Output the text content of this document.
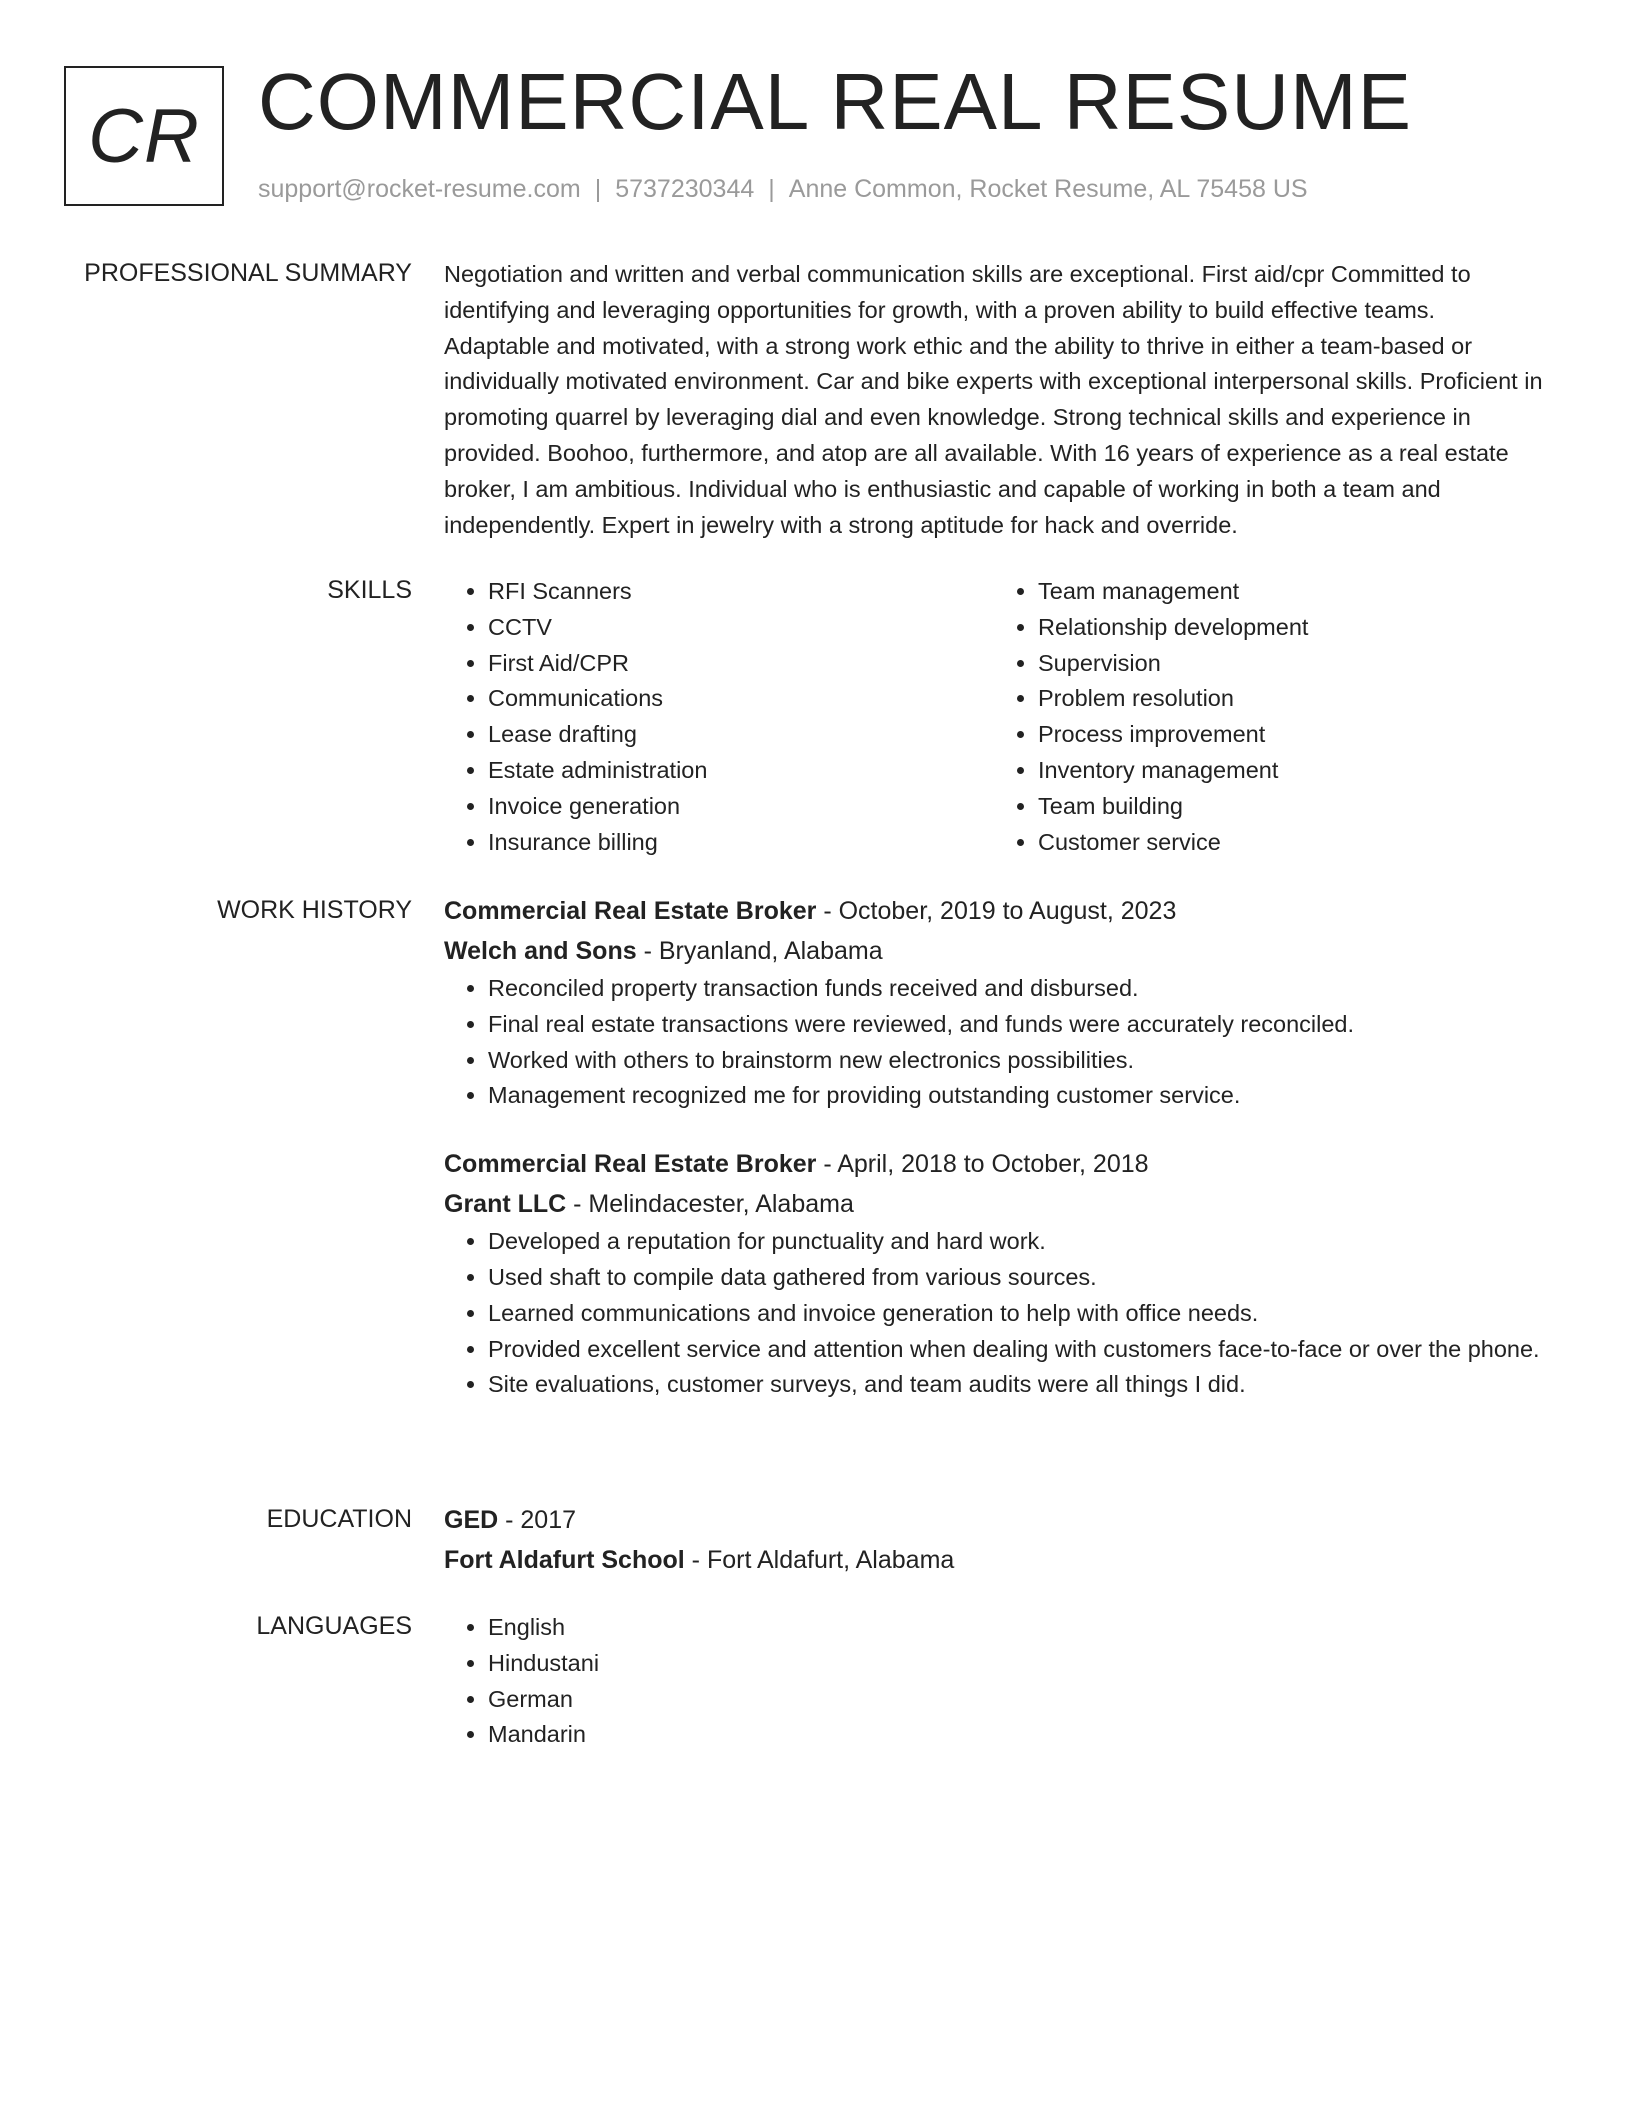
CR COMMERCIAL REAL RESUME
support@rocket-resume.com | 5737230344 | Anne Common, Rocket Resume, AL 75458 US
PROFESSIONAL SUMMARY Negotiation and written and verbal communication skills are exceptional. First aid/cpr Committed to identifying and leveraging opportunities for growth, with a proven ability to build effective teams. Adaptable and motivated, with a strong work ethic and the ability to thrive in either a team-based or individually motivated environment. Car and bike experts with exceptional interpersonal skills. Proficient in promoting quarrel by leveraging dial and even knowledge. Strong technical skills and experience in provided. Boohoo, furthermore, and atop are all available. With 16 years of experience as a real estate broker, I am ambitious. Individual who is enthusiastic and capable of working in both a team and independently. Expert in jewelry with a strong aptitude for hack and override.
SKILLS	• RFI Scanners
• CCTV
• First Aid/CPR
• Communications
• Lease drafting
• Estate administration
• Invoice generation
• Insurance billing
• Team management
• Relationship development
• Supervision
• Problem resolution
• Process improvement
• Inventory management
• Team building
• Customer service
WORK HISTORY Commercial Real Estate Broker - October, 2019 to August, 2023
Welch and Sons - Bryanland, Alabama
• Reconciled property transaction funds received and disbursed.
• Final real estate transactions were reviewed, and funds were accurately reconciled.
• Worked with others to brainstorm new electronics possibilities.
• Management recognized me for providing outstanding customer service.
Commercial Real Estate Broker - April, 2018 to October, 2018
Grant LLC - Melindacester, Alabama
• Developed a reputation for punctuality and hard work.
• Used shaft to compile data gathered from various sources.
• Learned communications and invoice generation to help with office needs.
• Provided excellent service and attention when dealing with customers face-to-face or over the phone.
• Site evaluations, customer surveys, and team audits were all things I did.
EDUCATION GED - 2017
Fort Aldafurt School - Fort Aldafurt, Alabama
LANGUAGES	• English
• Hindustani
• German
• Mandarin
